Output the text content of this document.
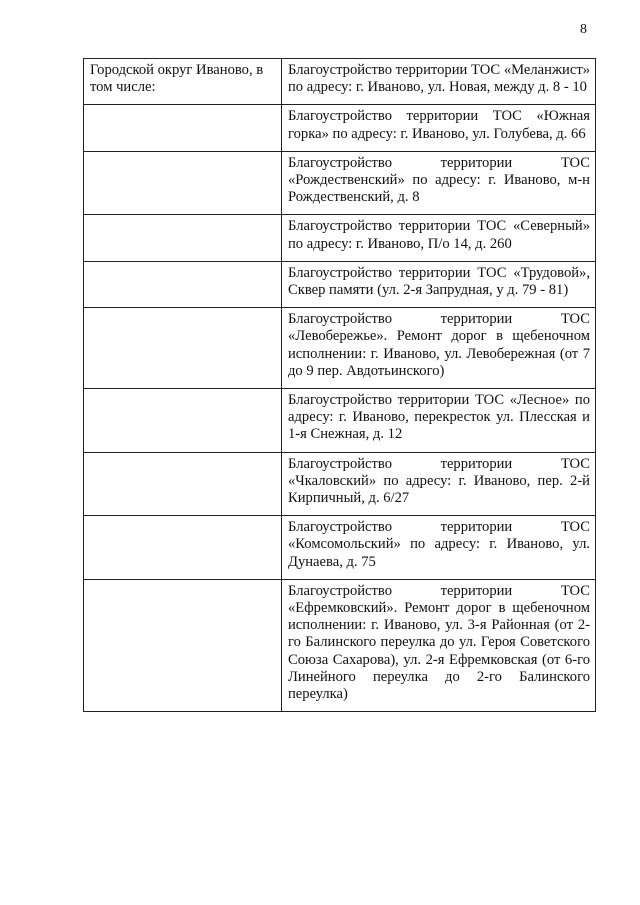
8
Городской округ Иваново, в том числе:	Благоустройство территории ТОС «Меланжист» по адресу: г. Иваново, ул. Новая, между д. 8 - 10
	Благоустройство территории ТОС «Южная горка» по адресу: г. Иваново, ул. Голубева, д. 66
	Благоустройство территории ТОС «Рождественский» по адресу: г. Иваново, м-н Рождественский, д. 8
	Благоустройство территории ТОС «Северный» по адресу: г. Иваново, П/о 14, д. 260
	Благоустройство территории ТОС «Трудовой», Сквер памяти (ул. 2-я Запрудная, у д. 79 - 81)
	Благоустройство территории ТОС «Левобережье». Ремонт дорог в щебеночном исполнении: г. Иваново, ул. Левобережная (от 7 до 9 пер. Авдотьинского)
	Благоустройство территории ТОС «Лесное» по адресу: г. Иваново, перекресток ул. Плесская и 1-я Снежная, д. 12
	Благоустройство территории ТОС «Чкаловский» по адресу: г. Иваново, пер. 2-й Кирпичный, д. 6/27
	Благоустройство территории ТОС «Комсомольский» по адресу: г. Иваново, ул. Дунаева, д. 75
	Благоустройство территории ТОС «Ефремковский». Ремонт дорог в щебеночном исполнении: г. Иваново, ул. 3-я Районная (от 2-го Балинского переулка до ул. Героя Советского Союза Сахарова), ул. 2-я Ефремковская (от 6-го Линейного переулка до 2-го Балинского переулка)
